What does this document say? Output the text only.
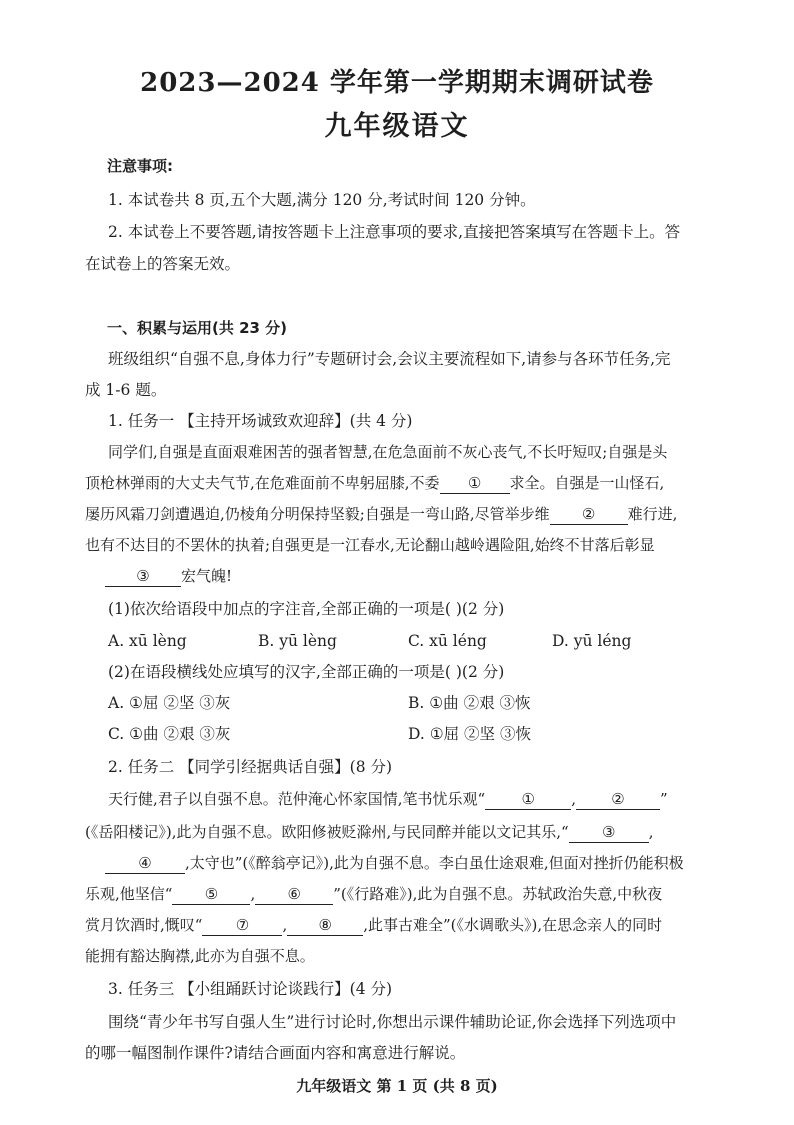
2023—2024 学年第一学期期末调研试卷
九年级语文
注意事项:
1. 本试卷共 8 页,五个大题,满分 120 分,考试时间 120 分钟。
2. 本试卷上不要答题,请按答题卡上注意事项的要求,直接把答案填写在答题卡上。答
在试卷上的答案无效。
一、积累与运用(共 23 分)
班级组织“自强不息,身体力行”专题研讨会,会议主要流程如下,请参与各环节任务,完
成 1-6 题。
1. 任务一 【主持开场诚致欢迎辞】(共 4 分)
同学们,自强是直面艰难困苦的强者智慧,在危急面前不灰心丧气,不长吁短叹;自强是头
顶枪林弹雨的大丈夫气节,在危难面前不卑躬屈膝,不委 ① 求全。自强是一山怪石,
屡历风霜刀剑遭遇迫,仍棱角分明保持坚毅;自强是一弯山路,尽管举步维 ② 难行进,
也有不达目的不罢休的执着;自强更是一江春水,无论翻山越岭遇险阻,始终不甘落后彰显
③ 宏气魄!
(1)依次给语段中加点的字注音,全部正确的一项是( )(2 分)
A. xū lèng	B. yū lèng	C. xū léng	D. yū léng
(2)在语段横线处应填写的汉字,全部正确的一项是( )(2 分)
A. ①屈 ②坚 ③灰	B. ①曲 ②艰 ③恢
C. ①曲 ②艰 ③灰	D. ①屈 ②坚 ③恢
2. 任务二 【同学引经据典话自强】(8 分)
天行健,君子以自强不息。范仲淹心怀家国情,笔书忧乐观“ ① , ② ”
(《岳阳楼记》),此为自强不息。欧阳修被贬滁州,与民同醉并能以文记其乐,“ ③ ,
④ ,太守也”(《醉翁亭记》),此为自强不息。李白虽仕途艰难,但面对挫折仍能积极
乐观,他坚信“ ⑤ , ⑥ ”(《行路难》),此为自强不息。苏轼政治失意,中秋夜
赏月饮酒时,慨叹“ ⑦ , ⑧ ,此事古难全”(《水调歌头》),在思念亲人的同时
能拥有豁达胸襟,此亦为自强不息。
3. 任务三 【小组踊跃讨论谈践行】(4 分)
围绕“青少年书写自强人生”进行讨论时,你想出示课件辅助论证,你会选择下列选项中
的哪一幅图制作课件?请结合画面内容和寓意进行解说。
九年级语文 第 1 页 (共 8 页)
